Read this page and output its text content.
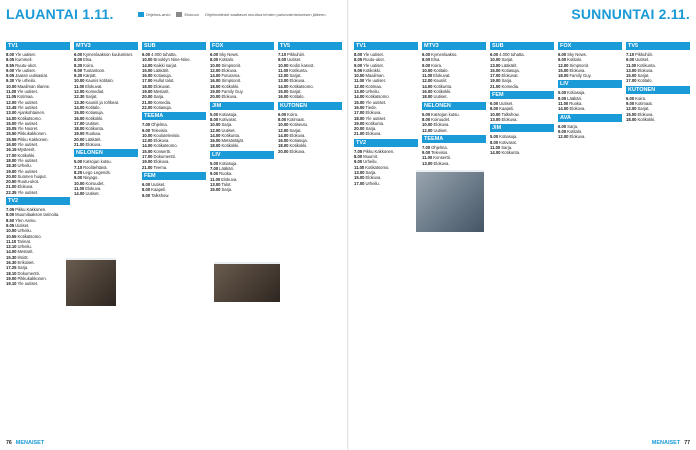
LAUANTAI 1.11.	Ohjelma-arvio	Elokuva Ohjelmatiedot saattavat muuttua lehden painovalmistumisen jälkeen.	SUNNUNTAI 2.11.
TV1
8.00Yle uutiset.
8.05Kummeli.
8.55Ruutu-ukot.
9.00Yle uutiset.
9.05Jaaran uutisasiat.
9.30Yle urheilu.
10.00Maailman tilanne.
11.00Yle uutiset.
11.05Kotimaa.
12.00Yle uutiset.
12.45Yle uutiset.
13.00Ajankohtainen.
14.00Kotikatsomo.
15.00Yle uutiset.
15.05Yle Nuoret.
15.50Pikkukakkonen.
15.55Pikku Kakkonen.
16.00Yle uutiset.
16.15Mysteerit.
17.00Kotikokki.
18.00Yle uutiset.
18.30Urheilu.
19.00Yle uutiset.
20.00Suomen huiput.
20.50Ruutu-ukot.
21.00Elokuva.
22.35Yle uutiset.
TV2
7.05Pikku Kakkonen.
8.00Muumilaakson tarinoita.
8.50Ylen Aamu.
9.05Uutiset.
10.00Urheilu.
10.55Kotikatsomo.
11.10Tarinat.
12.10Urheilu.
14.00Mestarit.
15.30Ilmiöt.
16.30Erikoiset.
17.25Sarja.
18.10Dokumentti.
19.00Pikkukakkonen.
19.10Yle uutiset.
MTV3
6.00Kymenlaakson kuulumiset.
8.00Elsa.
8.30Koira.
9.00Tuotantoon.
9.30Kärpät.
10.00Kaunis kotitalo.
11.00Elokuvat.
12.00Komediat.
12.30Sarjat.
13.30Kauniit ja rohkeat.
14.00Kotitalo.
15.00Kotiasuja.
16.00Kotikokki.
17.00Uutiset.
18.00Kotikunta.
19.00Ruokaa.
20.00Lääkärit.
21.00Elokuva.
NELONEN
5.00Katsojan kutsu.
7.10Roolitehtävä.
8.25Lego Legends.
9.00Ninjago.
10.00Koiruudet.
11.00Elokuva.
14.00Uutiset.
SUB
6.004.000 tuhatta.
10.00Brooklyn Nine-Nine.
14.00Kaikki sarjat.
15.00Lääkärit.
16.00Kotiasuja.
17.00Hullut talot.
18.00Elokuvat.
19.00Mestarit.
20.00Sarja.
21.00Komedia.
22.00Kotiasuja.
TEEMA
7.00Ohjelma.
9.00Televisio.
10.00Koulutelevisio.
12.00Elokuva.
14.00Kotikatsomo.
15.00Konsertti.
17.00Dokumentti.
19.00Elokuva.
21.00Teema.
FEM
6.00Uutiset.
8.00Kaapeli.
9.00Talkshow.
FOX
6.00Sky News.
8.00Kotitalo.
10.00Simpsonit.
12.00Elokuva.
14.00Futurama.
16.00Simpsonit.
18.00Kotikokki.
19.00Family Guy.
20.00Elokuva.
JIM
5.00Kotiasuja.
8.00Kotivarat.
10.00Sarja.
12.00Uutiset.
14.00Kotikunta.
16.00Metsästäjät.
18.00Kotikokki.
LIV
5.00Kotiasuja.
7.00Lääkäri.
9.00Ruoka.
11.00Elokuva.
13.00Talot.
15.00Sarja.
TV5
7.10Pikkuhiiri.
9.00Uutiset.
10.00Kodin kasvot.
11.00Kotikunta.
12.00Sarjat.
13.00Elokuva.
14.00Kotikatsomo.
15.00Sarjat.
16.00Kotitalo.
KUTONEN
6.00Koira.
8.00Kotimaat.
10.00Kotiseutu.
12.00Sarjat.
14.00Elokuva.
16.00Kotiasuja.
18.00Kotikokki.
20.00Elokuva.
TV1
8.00Yle uutiset.
8.05Ruutu-ukot.
9.00Yle uutiset.
9.05Kotikokki.
10.00Maailman.
11.00Yle uutiset.
12.00Kotimaa.
13.00Urheilu.
14.00Kotikatsomo.
15.00Yle uutiset.
16.00Tiede.
17.00Elokuva.
18.00Yle uutiset.
19.00Kotikunta.
20.00Sarja.
21.00Elokuva.
TV2
7.05Pikku Kakkonen.
8.00Muumit.
9.00Urheilu.
11.00Kotikatsomo.
13.00Sarja.
15.00Elokuva.
17.00Urheilu.
MTV3
6.00Kymenlaakso.
8.00Elsa.
9.00Koira.
10.00Kotitalo.
11.00Elokuvat.
12.00Kauniit.
14.00Kotikunta.
16.00Kotikokki.
18.00Uutiset.
NELONEN
5.00Katsojan kutsu.
8.00Koiruudet.
10.00Elokuva.
12.00Uutiset.
TEEMA
7.00Ohjelma.
9.00Televisio.
11.00Konsertti.
13.00Elokuva.
SUB
6.004.000 tuhatta.
10.00Sarjat.
13.00Lääkärit.
15.00Kotiasuja.
17.00Elokuvat.
19.00Sarja.
21.00Komedia.
FEM
6.00Uutiset.
8.00Kaapeli.
10.00Talkshow.
13.00Elokuva.
JIM
5.00Kotiasuja.
8.00Kotivarat.
11.00Sarja.
14.00Kotikunta.
FOX
6.00Sky News.
9.00Kotitalo.
12.00Simpsonit.
15.00Elokuva.
18.00Family Guy.
LIV
5.00Kotiasuja.
8.00Lääkäri.
11.00Ruoka.
14.00Elokuva.
AVA
6.00Sarja.
9.00Kotitalo.
12.00Elokuva.
TV5
7.10Pikkuhiiri.
9.00Uutiset.
11.00Kotikunta.
13.00Elokuva.
15.00Sarjat.
17.00Kotitalo.
KUTONEN
6.00Koira.
9.00Kotimaat.
12.00Sarjat.
15.00Elokuva.
18.00Kotikokki.
76 MENAISET	MENAISET 77
